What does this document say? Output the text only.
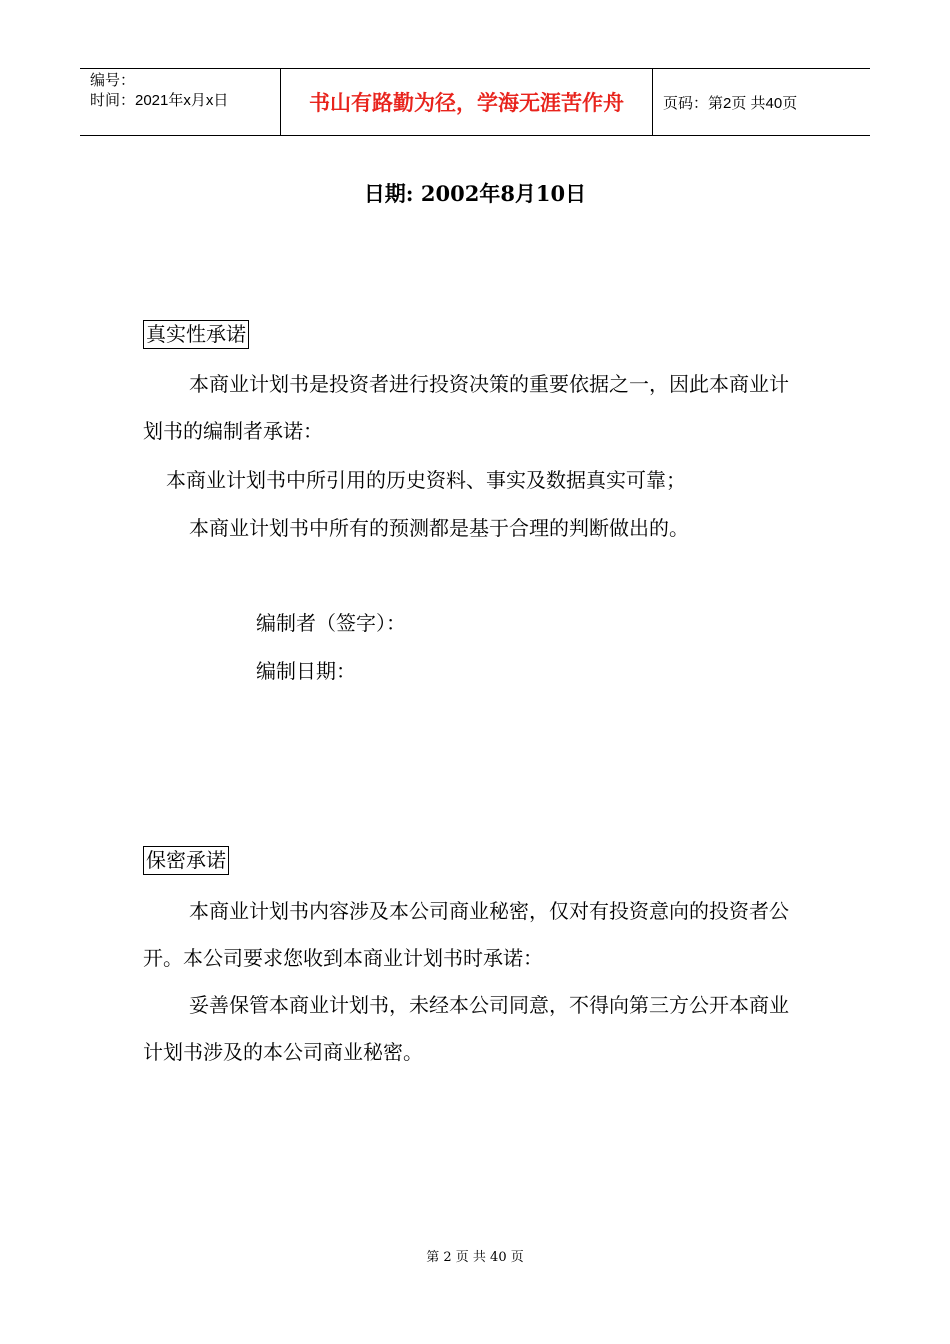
编号：
时间：2021年x月x日	书山有路勤为径，学海无涯苦作舟	页码：第2页 共40页
日期: 2002年8月10日
真实性承诺
本商业计划书是投资者进行投资决策的重要依据之一，因此本商业计划书的编制者承诺：
本商业计划书中所引用的历史资料、事实及数据真实可靠；
本商业计划书中所有的预测都是基于合理的判断做出的。
编制者（签字）：
编制日期：
保密承诺
本商业计划书内容涉及本公司商业秘密，仅对有投资意向的投资者公开。本公司要求您收到本商业计划书时承诺：
妥善保管本商业计划书，未经本公司同意，不得向第三方公开本商业计划书涉及的本公司商业秘密。
第 2 页 共 40 页
